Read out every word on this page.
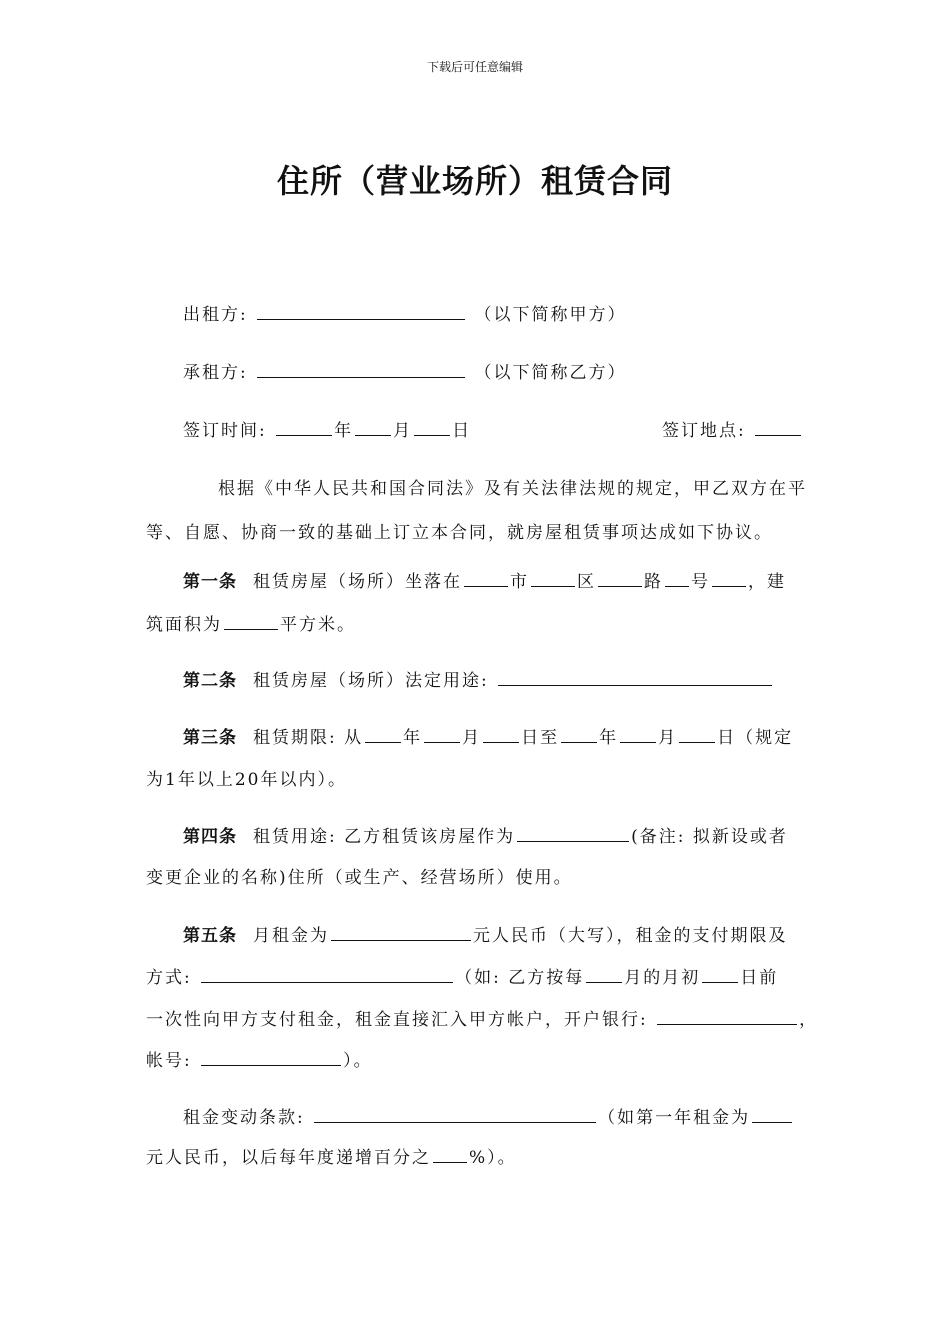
下载后可任意编辑
住所（营业场所）租赁合同
出租方:	（以下简称甲方）
承租方:	（以下简称乙方）
签订时间:	年 月 日	签订地点:
根据《中华人民共和国合同法》及有关法律法规的规定，甲乙双方在平
等、自愿、协商一致的基础上订立本合同，就房屋租赁事项达成如下协议。
第一条 租赁房屋（场所）坐落在	市	区	路 号 ，建
筑面积为	平方米。
第二条 租赁房屋（场所）法定用途:
第三条 租赁期限: 从 年 月 日至 年 月 日（规定
为1年以上20年以内）。
第四条 租赁用途: 乙方租赁该房屋作为	(备注: 拟新设或者
变更企业的名称)住所（或生产、经营场所）使用。
第五条 月租金为	元人民币（大写），租金的支付期限及
方式:	（如: 乙方按每 月的月初 日前
一次性向甲方支付租金，租金直接汇入甲方帐户，开户银行:	，
帐号:	）。
租金变动条款:	（如第一年租金为
元人民币，以后每年度递增百分之 %）。
